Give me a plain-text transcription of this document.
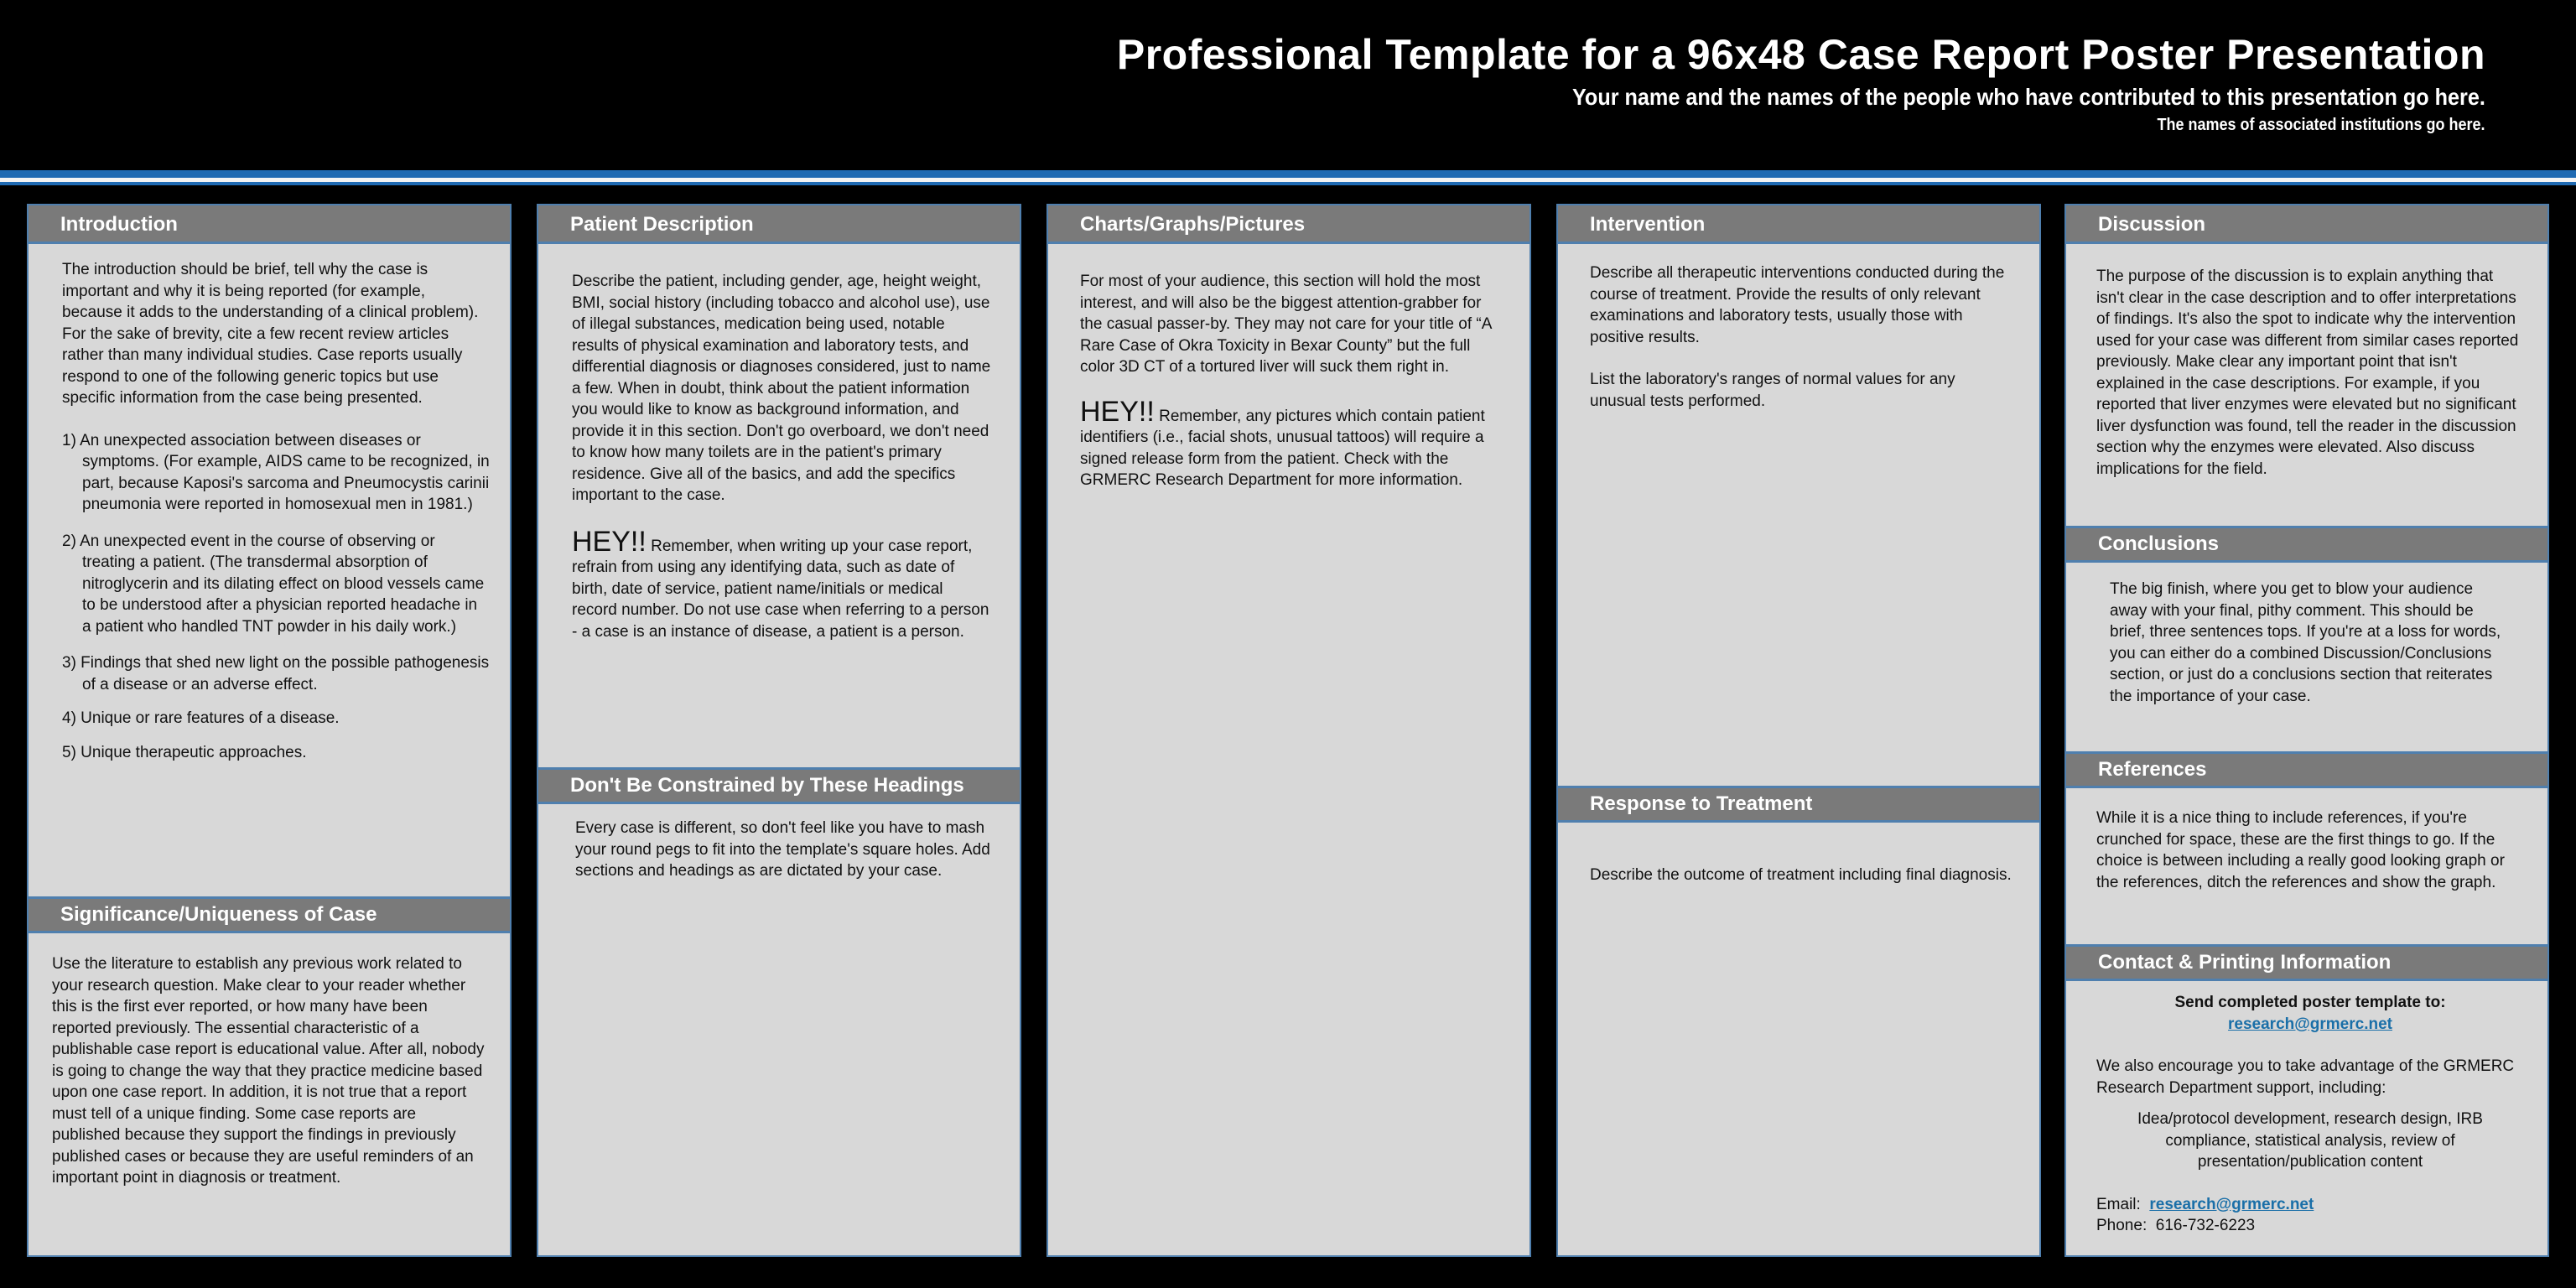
Professional Template for a 96x48 Case Report Poster Presentation
Your name and the names of the people who have contributed to this presentation go here.
The names of associated institutions go here.
Introduction

The introduction should be brief, tell why the case is important and why it is being reported (for example, because it adds to the understanding of a clinical problem). For the sake of brevity, cite a few recent review articles rather than many individual studies. Case reports usually respond to one of the following generic topics but use specific information from the case being presented.

1) An unexpected association between diseases or symptoms. (For example, AIDS came to be recognized, in part, because Kaposi's sarcoma and Pneumocystis carinii pneumonia were reported in homosexual men in 1981.)

2) An unexpected event in the course of observing or treating a patient. (The transdermal absorption of nitroglycerin and its dilating effect on blood vessels came to be understood after a physician reported headache in a patient who handled TNT powder in his daily work.)

3) Findings that shed new light on the possible pathogenesis of a disease or an adverse effect.

4) Unique or rare features of a disease.

5) Unique therapeutic approaches.

Significance/Uniqueness of Case

Use the literature to establish any previous work related to your research question. Make clear to your reader whether this is the first ever reported, or how many have been reported previously. The essential characteristic of a publishable case report is educational value. After all, nobody is going to change the way that they practice medicine based upon one case report. In addition, it is not true that a report must tell of a unique finding. Some case reports are published because they support the findings in previously published cases or because they are useful reminders of an important point in diagnosis or treatment.

Patient Description

Describe the patient, including gender, age, height weight, BMI, social history (including tobacco and alcohol use), use of illegal substances, medication being used, notable results of physical examination and laboratory tests, and differential diagnosis or diagnoses considered, just to name a few. When in doubt, think about the patient information you would like to know as background information, and provide it in this section. Don't go overboard, we don't need to know how many toilets are in the patient's primary residence. Give all of the basics, and add the specifics important to the case.

HEY!! Remember, when writing up your case report, refrain from using any identifying data, such as date of birth, date of service, patient name/initials or medical record number. Do not use case when referring to a person - a case is an instance of disease, a patient is a person.

Don't Be Constrained by These Headings

Every case is different, so don't feel like you have to mash your round pegs to fit into the template's square holes. Add sections and headings as are dictated by your case.

Charts/Graphs/Pictures

For most of your audience, this section will hold the most interest, and will also be the biggest attention-grabber for the casual passer-by. They may not care for your title of “A Rare Case of Okra Toxicity in Bexar County” but the full color 3D CT of a tortured liver will suck them right in.

HEY!! Remember, any pictures which contain patient identifiers (i.e., facial shots, unusual tattoos) will require a signed release form from the patient. Check with the GRMERC Research Department for more information.

Intervention

Describe all therapeutic interventions conducted during the course of treatment. Provide the results of only relevant examinations and laboratory tests, usually those with positive results.

List the laboratory's ranges of normal values for any unusual tests performed.

Response to Treatment

Describe the outcome of treatment including final diagnosis.

Discussion

The purpose of the discussion is to explain anything that isn't clear in the case description and to offer interpretations of findings. It's also the spot to indicate why the intervention used for your case was different from similar cases reported previously. Make clear any important point that isn't explained in the case descriptions. For example, if you reported that liver enzymes were elevated but no significant liver dysfunction was found, tell the reader in the discussion section why the enzymes were elevated. Also discuss implications for the field.

Conclusions

The big finish, where you get to blow your audience away with your final, pithy comment. This should be brief, three sentences tops. If you're at a loss for words, you can either do a combined Discussion/Conclusions section, or just do a conclusions section that reiterates the importance of your case.

References

While it is a nice thing to include references, if you're crunched for space, these are the first things to go. If the choice is between including a really good looking graph or the references, ditch the references and show the graph.

Contact & Printing Information

Send completed poster template to:

research@grmerc.net

We also encourage you to take advantage of the GRMERC Research Department support, including:

Idea/protocol development, research design, IRB compliance, statistical analysis, review of presentation/publication content

Email: research@grmerc.net

Phone: 616-732-6223
